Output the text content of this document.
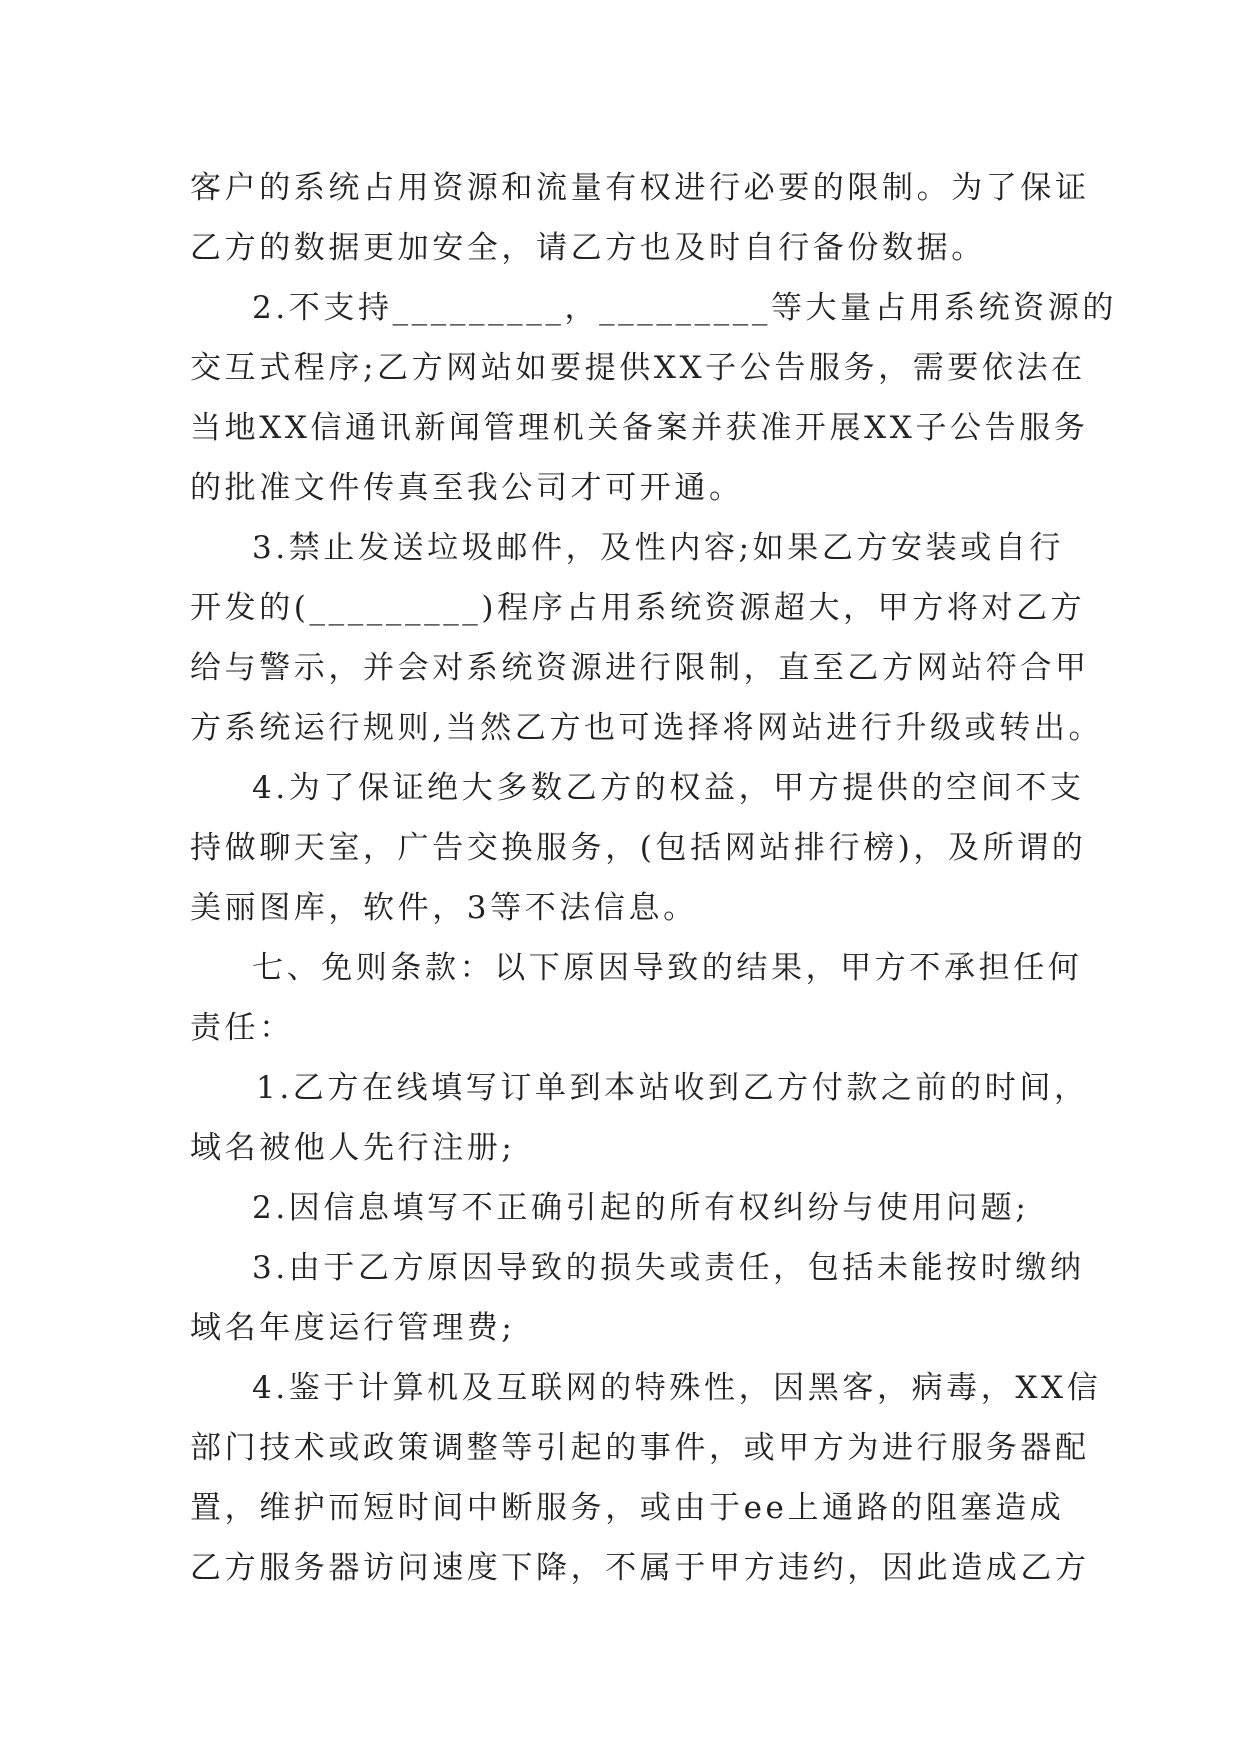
客户的系统占用资源和流量有权进行必要的限制。为了保证
乙方的数据更加安全，请乙方也及时自行备份数据。
2.不支持_________，_________等大量占用系统资源的
交互式程序;乙方网站如要提供XX子公告服务，需要依法在
当地XX信通讯新闻管理机关备案并获准开展XX子公告服务
的批准文件传真至我公司才可开通。
3.禁止发送垃圾邮件，及性内容;如果乙方安装或自行
开发的(_________)程序占用系统资源超大，甲方将对乙方
给与警示，并会对系统资源进行限制，直至乙方网站符合甲
方系统运行规则,当然乙方也可选择将网站进行升级或转出。
4.为了保证绝大多数乙方的权益，甲方提供的空间不支
持做聊天室，广告交换服务，(包括网站排行榜)，及所谓的
美丽图库，软件，3等不法信息。
七、免则条款：以下原因导致的结果，甲方不承担任何
责任：
1.乙方在线填写订单到本站收到乙方付款之前的时间，
域名被他人先行注册;
2.因信息填写不正确引起的所有权纠纷与使用问题;
3.由于乙方原因导致的损失或责任，包括未能按时缴纳
域名年度运行管理费;
4.鉴于计算机及互联网的特殊性，因黑客，病毒，XX信
部门技术或政策调整等引起的事件，或甲方为进行服务器配
置，维护而短时间中断服务，或由于ee上通路的阻塞造成
乙方服务器访问速度下降，不属于甲方违约，因此造成乙方
